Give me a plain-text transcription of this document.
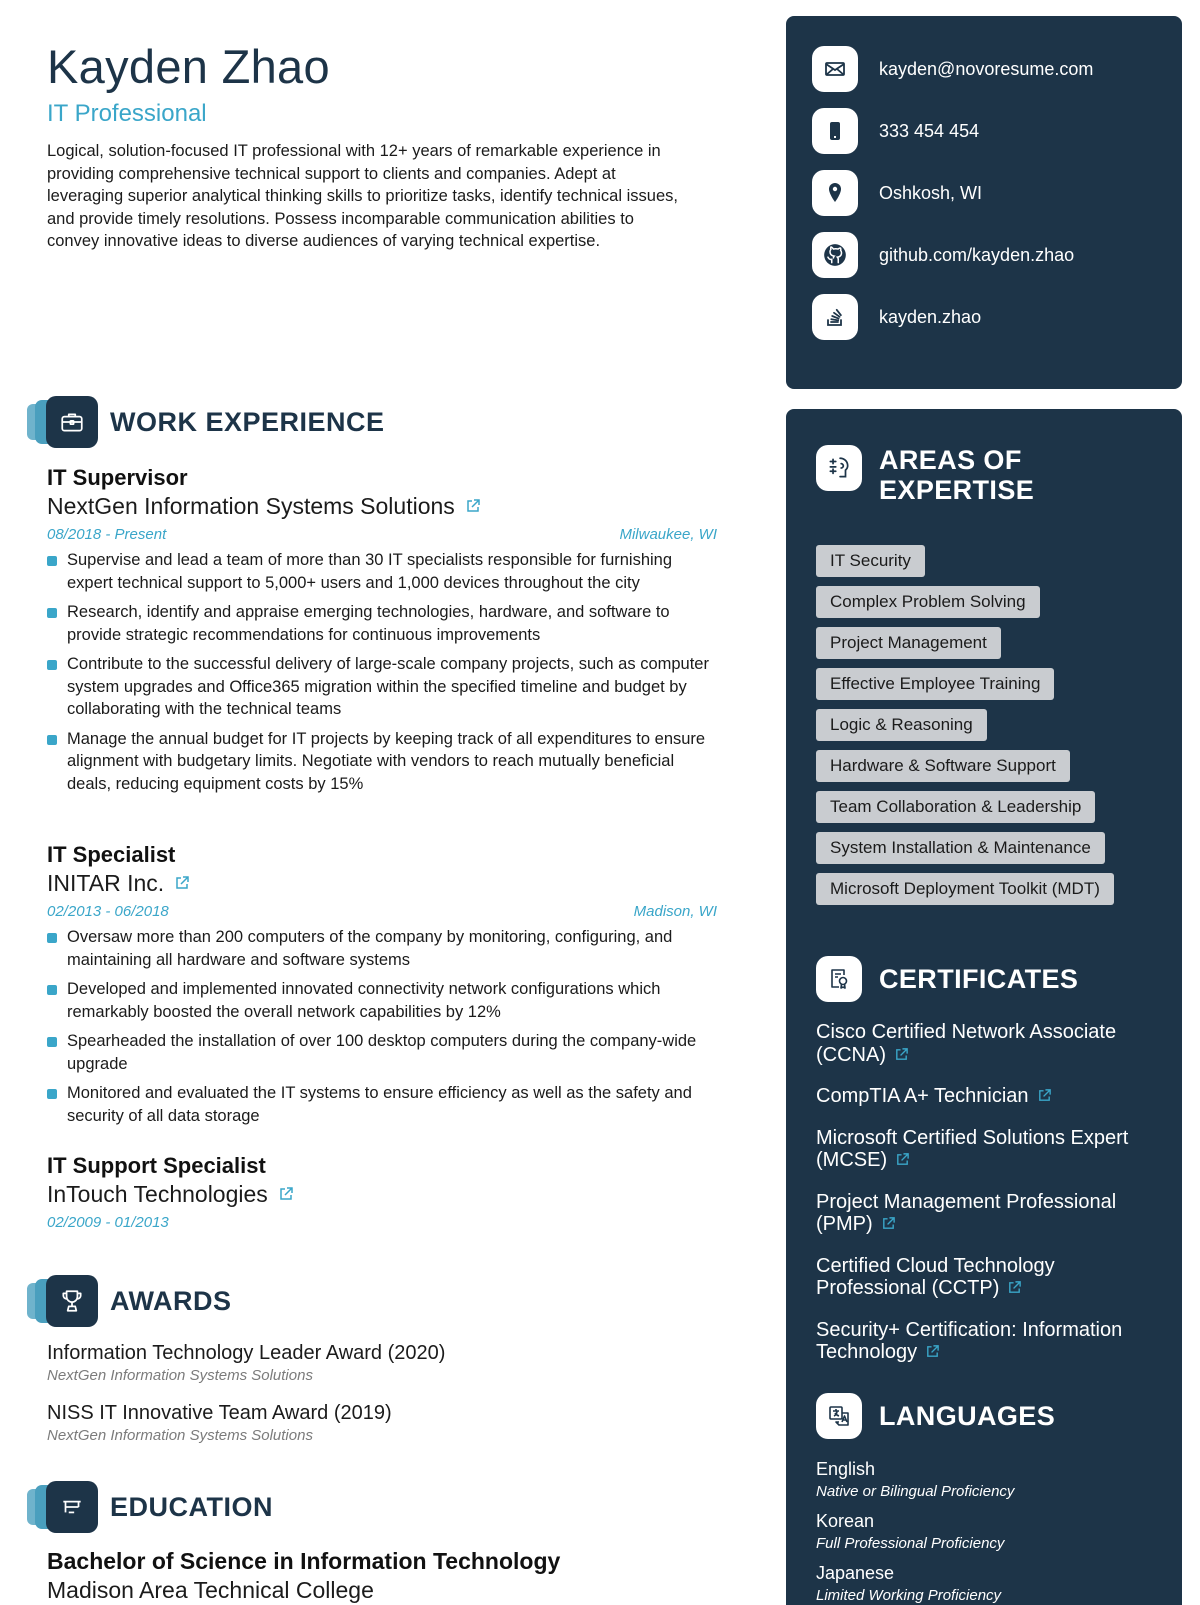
Kayden Zhao
IT Professional
Logical, solution-focused IT professional with 12+ years of remarkable experience in providing comprehensive technical support to clients and companies. Adept at leveraging superior analytical thinking skills to prioritize tasks, identify technical issues, and provide timely resolutions. Possess incomparable communication abilities to convey innovative ideas to diverse audiences of varying technical expertise.
WORK EXPERIENCE
IT Supervisor
NextGen Information Systems Solutions
08/2018 - Present	Milwaukee, WI
Supervise and lead a team of more than 30 IT specialists responsible for furnishing expert technical support to 5,000+ users and 1,000 devices throughout the city
Research, identify and appraise emerging technologies, hardware, and software to provide strategic recommendations for continuous improvements
Contribute to the successful delivery of large-scale company projects, such as computer system upgrades and Office365 migration within the specified timeline and budget by collaborating with the technical teams
Manage the annual budget for IT projects by keeping track of all expenditures to ensure alignment with budgetary limits. Negotiate with vendors to reach mutually beneficial deals, reducing equipment costs by 15%
IT Specialist
INITAR Inc.
02/2013 - 06/2018	Madison, WI
Oversaw more than 200 computers of the company by monitoring, configuring, and maintaining all hardware and software systems
Developed and implemented innovated connectivity network configurations which remarkably boosted the overall network capabilities by 12%
Spearheaded the installation of over 100 desktop computers during the company-wide upgrade
Monitored and evaluated the IT systems to ensure efficiency as well as the safety and security of all data storage
IT Support Specialist
InTouch Technologies
02/2009 - 01/2013
AWARDS
Information Technology Leader Award (2020)
NextGen Information Systems Solutions
NISS IT Innovative Team Award (2019)
NextGen Information Systems Solutions
EDUCATION
Bachelor of Science in Information Technology
Madison Area Technical College
kayden@novoresume.com
333 454 454
Oshkosh, WI
github.com/kayden.zhao
kayden.zhao
AREAS OF
EXPERTISE
IT Security
Complex Problem Solving
Project Management
Effective Employee Training
Logic & Reasoning
Hardware & Software Support
Team Collaboration & Leadership
System Installation & Maintenance
Microsoft Deployment Toolkit (MDT)
CERTIFICATES
Cisco Certified Network Associate
(CCNA)
CompTIA A+ Technician
Microsoft Certified Solutions Expert
(MCSE)
Project Management Professional
(PMP)
Certified Cloud Technology
Professional (CCTP)
Security+ Certification: Information
Technology
LANGUAGES
English
Native or Bilingual Proficiency
Korean
Full Professional Proficiency
Japanese
Limited Working Proficiency
